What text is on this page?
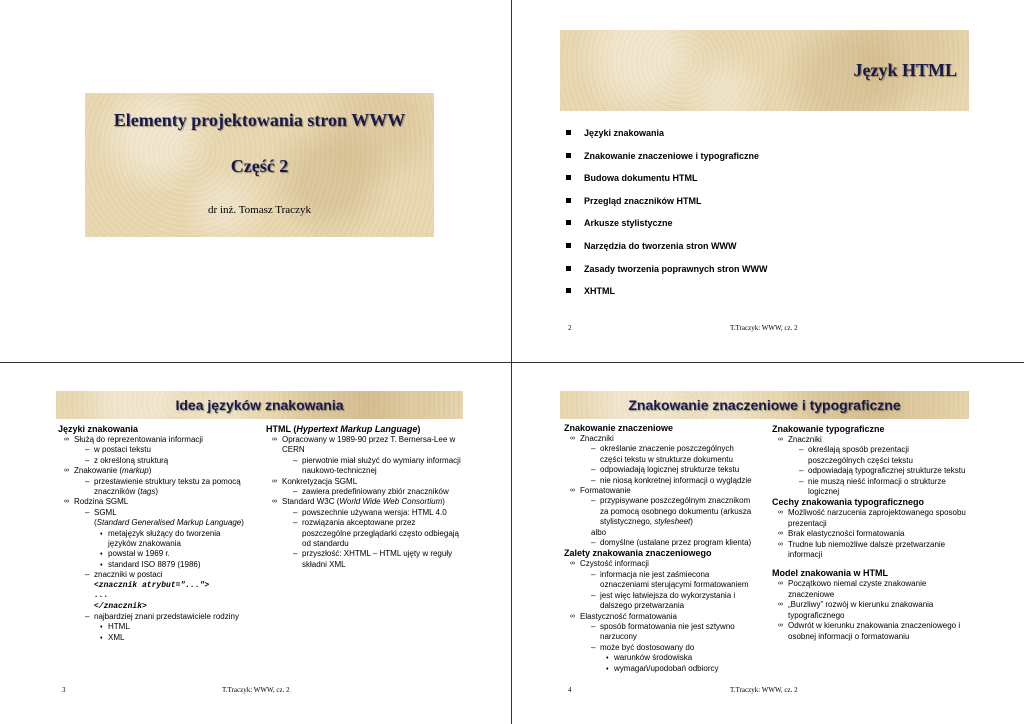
Elementy projektowania stron WWW
Część 2
dr inż. Tomasz Traczyk
Język HTML
Języki znakowania
Znakowanie znaczeniowe i typograficzne
Budowa dokumentu HTML
Przegląd znaczników HTML
Arkusze stylistyczne
Narzędzia do tworzenia stron WWW
Zasady tworzenia poprawnych stron WWW
XHTML
2	T.Traczyk: WWW, cz. 2
Idea języków znakowania
Języki znakowania
∞ Służą do reprezentowania informacji
– w postaci tekstu
– z określoną strukturą
∞ Znakowanie (markup)
– przestawienie struktury tekstu za pomocą znaczników (tags)
∞ Rodzina SGML
– SGML
(Standard Generalised Markup Language)
♦ metajęzyk służący do tworzenia języków znakowania
♦ powstał w 1969 r.
♦ standard ISO 8879 (1986)
– znaczniki w postaci
<znacznik atrybut="...">
...
</znacznik>
– najbardziej znani przedstawiciele rodziny
♦ HTML
♦ XML
HTML (Hypertext Markup Language)
∞ Opracowany w 1989-90 przez T. Bernersa-Lee w CERN
– pierwotnie miał służyć do wymiany informacji naukowo-technicznej
∞ Konkretyzacja SGML
– zawiera predefiniowany zbiór znaczników
∞ Standard W3C (World Wide Web Consortium)
– powszechnie używana wersja: HTML 4.0
– rozwiązania akceptowane przez poszczególne przeglądarki często odbiegają od standardu
– przyszłość: XHTML – HTML ujęty w reguły składni XML
3	T.Traczyk: WWW, cz. 2
Znakowanie znaczeniowe i typograficzne
Znakowanie znaczeniowe
∞ Znaczniki
– określanie znaczenie poszczególnych części tekstu w strukturze dokumentu
– odpowiadają logicznej strukturze tekstu
– nie niosą konkretnej informacji o wyglądzie
∞ Formatowanie
– przypisywane poszczególnym znacznikom za pomocą osobnego dokumentu (arkusza stylistycznego, stylesheet)
albo
– domyślne (ustalane przez program klienta)
Zalety znakowania znaczeniowego
∞ Czystość informacji
– informacja nie jest zaśmiecona oznaczeniami sterującymi formatowaniem
– jest więc łatwiejsza do wykorzystania i dalszego przetwarzania
∞ Elastyczność formatowania
– sposób formatowania nie jest sztywno narzucony
– może być dostosowany do
♦ warunków środowiska
♦ wymagań/upodobań odbiorcy
Znakowanie typograficzne
∞ Znaczniki
– określają sposób prezentacji poszczególnych części tekstu
– odpowiadają typograficznej strukturze tekstu
– nie muszą nieść informacji o strukturze logicznej
Cechy znakowania typograficznego
∞ Możliwość narzucenia zaprojektowanego sposobu prezentacji
∞ Brak elastyczności formatowania
∞ Trudne lub niemożliwe dalsze przetwarzanie informacji
Model znakowania w HTML
∞ Początkowo niemal czyste znakowanie znaczeniowe
∞ „Burzliwy” rozwój w kierunku znakowania typograficznego
∞ Odwrót w kierunku znakowania znaczeniowego i osobnej informacji o formatowaniu
4	T.Traczyk: WWW, cz. 2
